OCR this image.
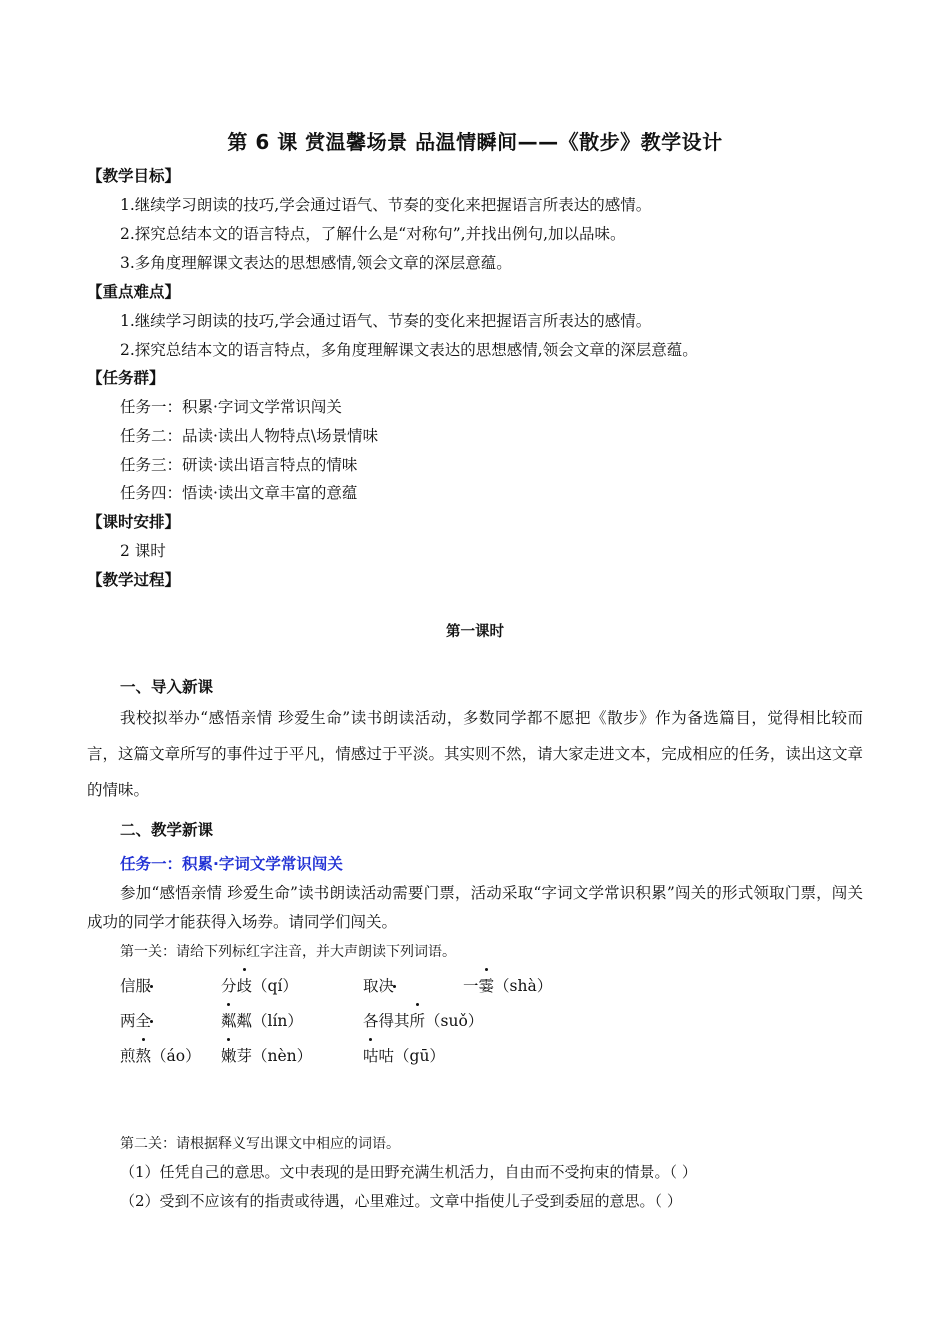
第 6 课 赏温馨场景 品温情瞬间——《散步》教学设计
【教学目标】
1.继续学习朗读的技巧,学会通过语气、节奏的变化来把握语言所表达的感情。
2.探究总结本文的语言特点，了解什么是“对称句”,并找出例句,加以品味。
3.多角度理解课文表达的思想感情,领会文章的深层意蕴。
【重点难点】
1.继续学习朗读的技巧,学会通过语气、节奏的变化来把握语言所表达的感情。
2.探究总结本文的语言特点，多角度理解课文表达的思想感情,领会文章的深层意蕴。
【任务群】
任务一：积累·字词文学常识闯关
任务二：品读·读出人物特点\场景情味
任务三：研读·读出语言特点的情味
任务四：悟读·读出文章丰富的意蕴
【课时安排】
2 课时
【教学过程】
第一课时
一、导入新课

我校拟举办“感悟亲情 珍爱生命”读书朗读活动，多数同学都不愿把《散步》作为备选篇目，觉得相比较而言，这篇文章所写的事件过于平凡，情感过于平淡。其实则不然，请大家走进文本，完成相应的任务，读出这文章的情味。

二、教学新课
任务一：积累·字词文学常识闯关

参加“感悟亲情 珍爱生命”读书朗读活动需要门票，活动采取“字词文学常识积累”闯关的形式领取门票，闯关成功的同学才能获得入场券。请同学们闯关。

第一关：请给下列标红字注音，并大声朗读下列词语。
信服	分歧（qí）	取决	一霎（shà）
两全	粼粼（lín）	各得其所（suǒ）
煎熬（áo） 嫩芽（nèn）	咕咕（gū）
第二关：请根据释义写出课文中相应的词语。
（1）任凭自己的意思。文中表现的是田野充满生机活力，自由而不受拘束的情景。（ ）
（2）受到不应该有的指责或待遇，心里难过。文章中指使儿子受到委屈的意思。（ ）
